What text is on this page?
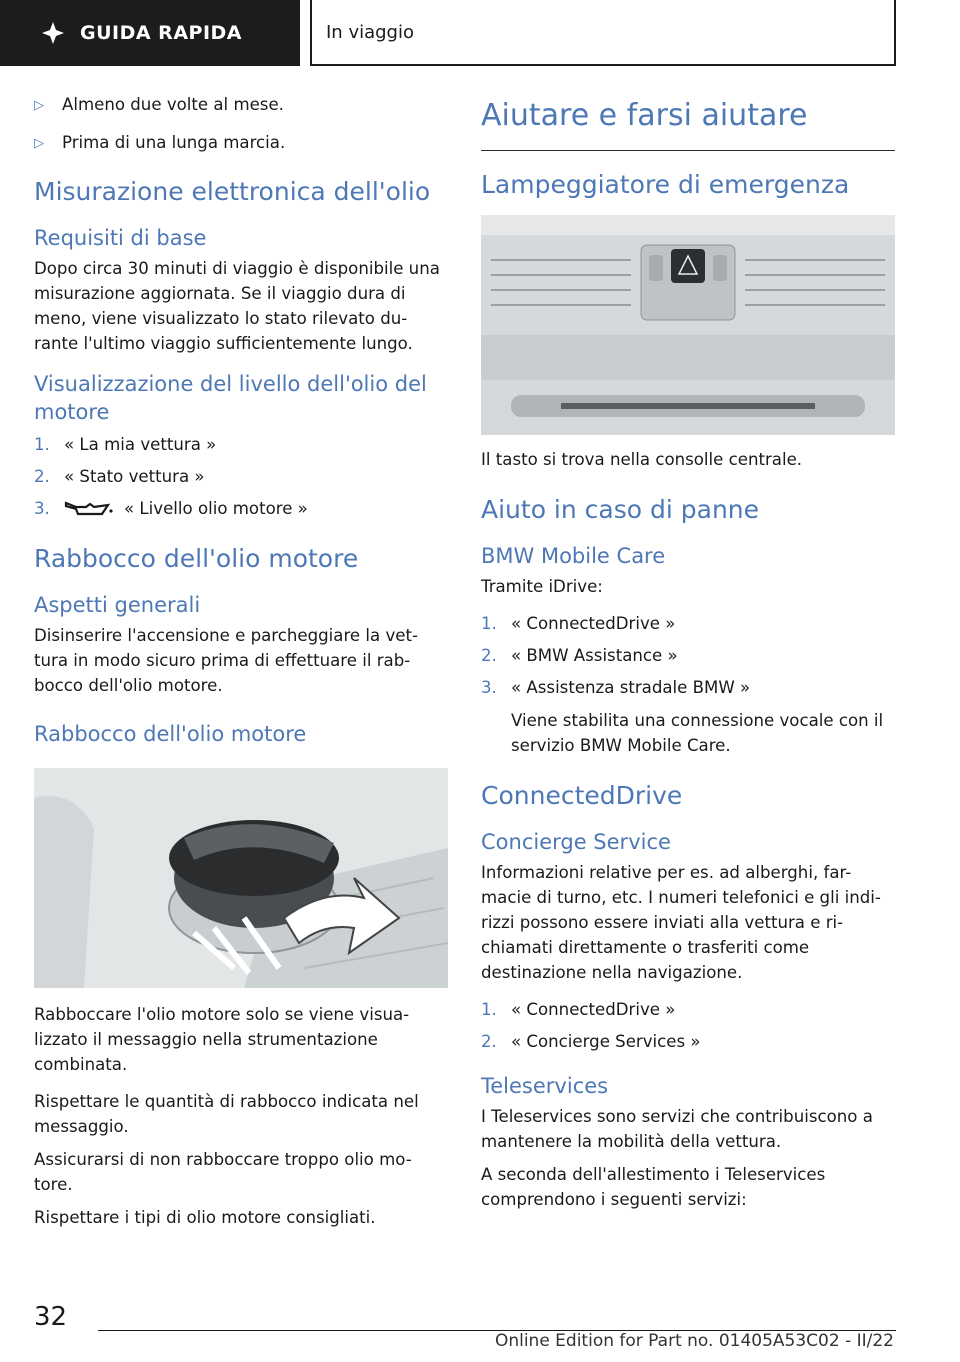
GUIDA RAPIDA	In viaggio
▷	Almeno due volte al mese.
▷	Prima di una lunga marcia.
Misurazione elettronica dell'olio
Requisiti di base

Dopo circa 30 minuti di viaggio è disponibile una misurazione aggiornata. Se il viaggio dura di meno, viene visualizzato lo stato rilevato du-rante l'ultimo viaggio sufficientemente lungo.

Visualizzazione del livello dell'olio del motore
1. « La mia vettura »
2. « Stato vettura »
3.	« Livello olio motore »
Rabbocco dell'olio motore
Aspetti generali

Disinserire l'accensione e parcheggiare la vet-tura in modo sicuro prima di effettuare il rab-bocco dell'olio motore.

Rabbocco dell'olio motore

Rabboccare l'olio motore solo se viene visua-lizzato il messaggio nella strumentazione combinata.

Rispettare le quantità di rabbocco indicata nel messaggio.

Assicurarsi di non rabboccare troppo olio mo-tore.

Rispettare i tipi di olio motore consigliati.

Aiutare e farsi aiutare
Lampeggiatore di emergenza

Il tasto si trova nella consolle centrale.

Aiuto in caso di panne
BMW Mobile Care

Tramite iDrive:

1. « ConnectedDrive »
2. « BMW Assistance »
3. « Assistenza stradale BMW »

Viene stabilita una connessione vocale con il servizio BMW Mobile Care.

ConnectedDrive
Concierge Service

Informazioni relative per es. ad alberghi, far-macie di turno, etc. I numeri telefonici e gli indi-rizzi possono essere inviati alla vettura e ri-chiamati direttamente o trasferiti come destinazione nella navigazione.

1. « ConnectedDrive »
2. « Concierge Services »
Teleservices

I Teleservices sono servizi che contribuiscono a mantenere la mobilità della vettura.

A seconda dell'allestimento i Teleservices comprendono i seguenti servizi:

32
Online Edition for Part no. 01405A53C02 - II/22
